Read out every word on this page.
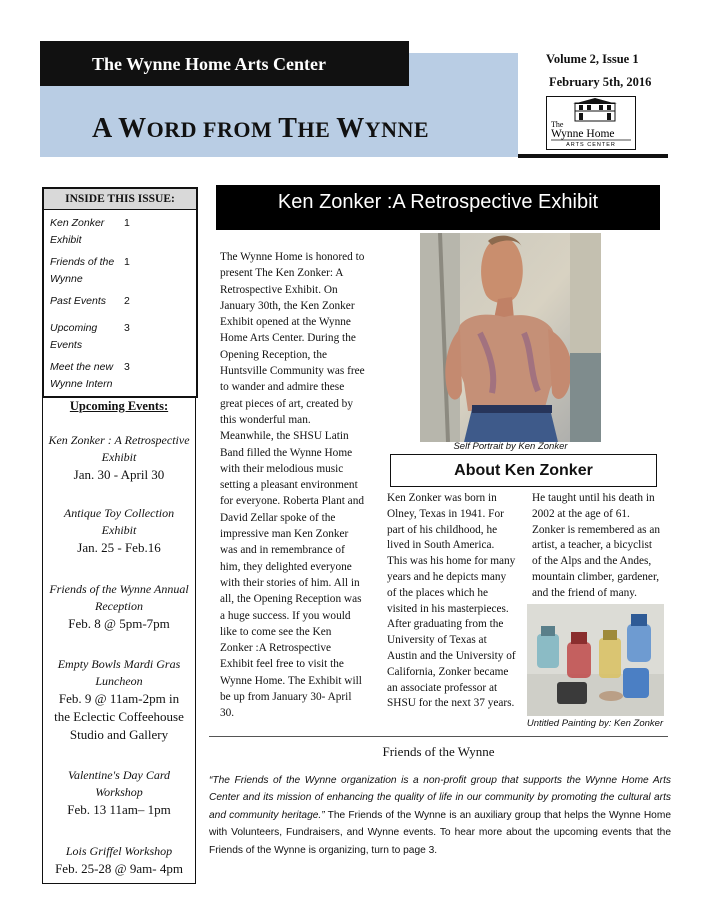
The Wynne Home Arts Center
A WORD FROM THE WYNNE
Volume 2, Issue 1
February 5th, 2016
The
Wynne Home
ARTS CENTER
INSIDE THIS ISSUE:
Ken Zonker
Exhibit
1
Friends of the
Wynne
1
Past Events	2
Upcoming
Events
3
Meet the new
Wynne Intern
3
Upcoming Events:
Ken Zonker : A Retrospective
Exhibit
Jan. 30 - April 30
Antique Toy Collection
Exhibit
Jan. 25 - Feb.16
Friends of the Wynne Annual
Reception
Feb. 8 @ 5pm-7pm
Empty Bowls Mardi Gras
Luncheon
Feb. 9 @ 11am-2pm in
the Eclectic Coffeehouse
Studio and Gallery
Valentine's Day Card
Workshop
Feb. 13 11am– 1pm
Lois Griffel Workshop
Feb. 25-28 @ 9am- 4pm
Ken Zonker :A Retrospective Exhibit
The Wynne Home is honored to
present The Ken Zonker: A
Retrospective Exhibit. On
January 30th, the Ken Zonker
Exhibit opened at the Wynne
Home Arts Center. During the
Opening Reception, the
Huntsville Community was free
to wander and admire these
great pieces of art, created by
this wonderful man.
Meanwhile, the SHSU Latin
Band filled the Wynne Home
with their melodious music
setting a pleasant environment
for everyone. Roberta Plant and
David Zellar spoke of the
impressive man Ken Zonker
was and in remembrance of
him, they delighted everyone
with their stories of him. All in
all, the Opening Reception was
a huge success. If you would
like to come see the Ken
Zonker :A Retrospective
Exhibit feel free to visit the
Wynne Home. The Exhibit will
be up from January 30- April
30.
Self Portrait by Ken Zonker
About Ken Zonker
Ken Zonker was born in
Olney, Texas in 1941. For
part of his childhood, he
lived in South America.
This was his home for many
years and he depicts many
of the places which he
visited in his masterpieces.
After graduating from the
University of Texas at
Austin and the University of
California, Zonker became
an associate professor at
SHSU for the next 37 years.
He taught until his death in
2002 at the age of 61.
Zonker is remembered as an
artist, a teacher, a bicyclist
of the Alps and the Andes,
mountain climber, gardener,
and the friend of many.
Untitled Painting by: Ken Zonker
Friends of the Wynne
“The Friends of the Wynne organization is a non-profit group that supports the Wynne Home Arts Center and its mission of enhancing the quality of life in our community by promoting the cultural arts and community heritage.” The Friends of the Wynne is an auxiliary group that helps the Wynne Home with Volunteers, Fundraisers, and Wynne events. To hear more about the upcoming events that the Friends of the Wynne is organizing, turn to page 3.
